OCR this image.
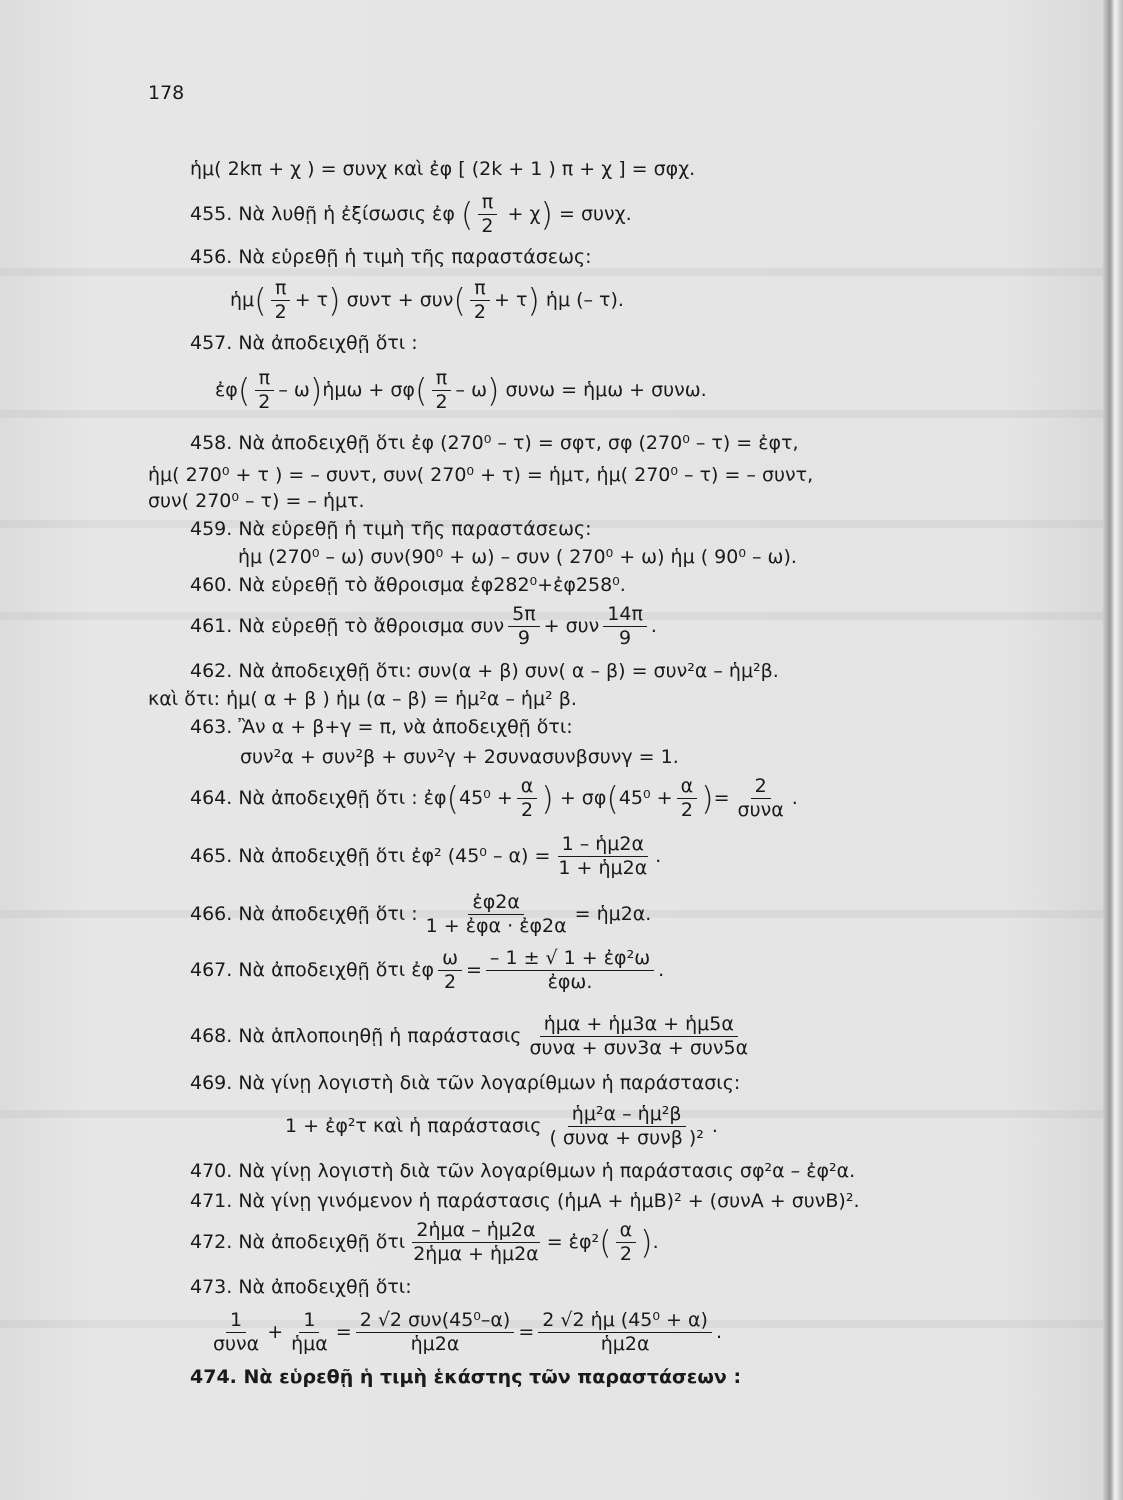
178
ἡμ( 2kπ + χ ) = συνχ καὶ ἐφ [ (2k + 1 ) π + χ ] = σφχ.
455. Νὰ λυθῇ ἡ ἐξίσωσις ἐφ ( $\frac{\pi}{2} + \chi) = \sigma\upsilon\nu\chi$.
456. Νὰ εὑρεθῇ ἡ τιμὴ τῆς παραστάσεως:
ἡμ( $\frac{\pi}{2} + \tau$) $\sigma\upsilon\nu\tau + \sigma\upsilon\nu( \frac{\pi}{2} + \tau)$ ἡμ (– τ).
457. Νὰ ἀποδειχθῇ ὅτι :
ἐφ( $\frac{\pi}{2}$ – ω)ἡμω + $\sigma\varphi( \frac{\pi}{2} - \omega)$ συνω = ἡμω + συνω.
458. Νὰ ἀποδειχθῇ ὅτι ἐφ (270⁰ – τ) = σφτ, σφ (270⁰ – τ) = ἐφτ,
ἡμ( 270⁰ + τ ) = – συντ, συν( 270⁰ + τ) = ἡμτ, ἡμ( 270⁰ – τ) = – συντ,
συν( 270⁰ – τ) = – ἡμτ.
459. Νὰ εὑρεθῇ ἡ τιμὴ τῆς παραστάσεως:
ἡμ (270⁰ – ω) συν(90⁰ + ω) – συν ( 270⁰ + ω) ἡμ ( 90⁰ – ω).
460. Νὰ εὑρεθῇ τὸ ἄθροισμα ἐφ282⁰+ἐφ258⁰.
461. Νὰ εὑρεθῇ τὸ ἄθροισμα συν $\frac{5\pi}{9} + \sigma\upsilon\nu \frac{14\pi}{9}$ .
462. Νὰ ἀποδειχθῇ ὅτι: συν(α + β) συν( α – β) = συν²α – ἡμ²β.
καὶ ὅτι: ἡμ( α + β ) ἡμ (α – β) = ἡμ²α – ἡμ² β.
463. Ἂν α + β+γ = π, νὰ ἀποδειχθῇ ὅτι:
συν²α + συν²β + συν²γ + 2συνασυνβσυνγ = 1.
464. Νὰ ἀποδειχθῇ ὅτι : ἐφ(45⁰ + $\frac{\alpha}{2}$ ) + $\sigma\varphi(45^0 + \frac{\alpha}{2}$ )= $\frac{2}{\text{συνα}}$ .
465. Νὰ ἀποδειχθῇ ὅτι ἐφ² $(45^0 - \alpha) = \frac{\text{1 – ἡμ2α}}{\text{1 + ἡμ2α}}$ .
466. Νὰ ἀποδειχθῇ ὅτι : $\frac{\text{ἐφ2α}}{\text{1 + ἐφα · ἐφ2α}}$ = ἡμ2α.
467. Νὰ ἀποδειχθῇ ὅτι ἐφ $\frac{\omega}{2} = \frac{\text{– 1 ± √ 1 + ἐφ²ω}}{\text{ἐφω.}}$ .
468. Νὰ ἁπλοποιηθῇ ἡ παράστασις $\frac{\text{ἡμα + ἡμ3α + ἡμ5α}}{\text{συνα + συν3α + συν5α}}$
469. Νὰ γίνῃ λογιστὴ διὰ τῶν λογαρίθμων ἡ παράστασις:
1 + ἐφ²τ καὶ ἡ παράστασις $\frac{\text{ἡμ²α – ἡμ²β}}{\text{( συνα + συνβ )²}}$ .
470. Νὰ γίνῃ λογιστὴ διὰ τῶν λογαρίθμων ἡ παράστασις σφ²α – ἐφ²α.
471. Νὰ γίνῃ γινόμενον ἡ παράστασις (ἡμΑ + ἡμΒ)² + (συνΑ + συνΒ)².
472. Νὰ ἀποδειχθῇ ὅτι $\frac{\text{2ἡμα – ἡμ2α}}{\text{2ἡμα + ἡμ2α}}$ = ἐφ²( $\frac{\alpha}{2}$ ).
473. Νὰ ἀποδειχθῇ ὅτι:
$\frac{1}{\text{συνα}} + \frac{1}{\text{ἡμα}} = \frac{\text{2 √2 συν(45⁰–α)}}{\text{ἡμ2α}} = \frac{\text{2 √2 ἡμ (45⁰ + α)}}{\text{ἡμ2α}}$ .
474. Νὰ εὑρεθῇ ἡ τιμὴ ἑκάστης τῶν παραστάσεων :
